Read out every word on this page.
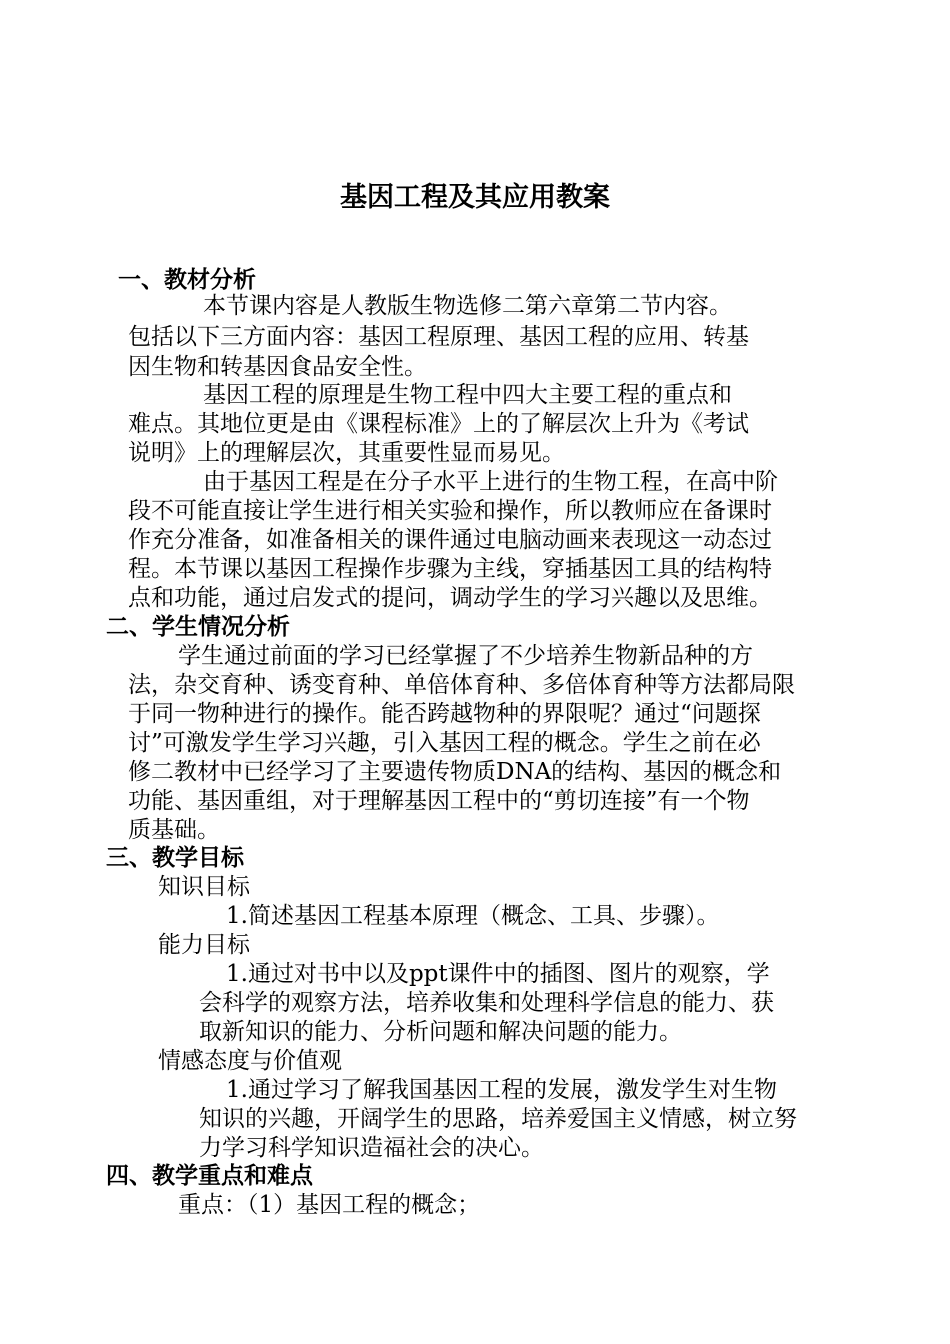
基因工程及其应用教案

一、教材分析

本节课内容是人教版生物选修二第六章第二节内容。

包括以下三方面内容：基因工程原理、基因工程的应用、转基

因生物和转基因食品安全性。

基因工程的原理是生物工程中四大主要工程的重点和

难点。其地位更是由《课程标准》上的了解层次上升为《考试

说明》上的理解层次，其重要性显而易见。

由于基因工程是在分子水平上进行的生物工程，在高中阶

段不可能直接让学生进行相关实验和操作，所以教师应在备课时

作充分准备，如准备相关的课件通过电脑动画来表现这一动态过

程。本节课以基因工程操作步骤为主线，穿插基因工具的结构特

点和功能，通过启发式的提问，调动学生的学习兴趣以及思维。

二、学生情况分析

学生通过前面的学习已经掌握了不少培养生物新品种的方

法，杂交育种、诱变育种、单倍体育种、多倍体育种等方法都局限

于同一物种进行的操作。能否跨越物种的界限呢？通过“问题探

讨”可激发学生学习兴趣，引入基因工程的概念。学生之前在必

修二教材中已经学习了主要遗传物质DNA的结构、基因的概念和

功能、基因重组，对于理解基因工程中的“剪切连接”有一个物

质基础。

三、教学目标

知识目标

1.简述基因工程基本原理（概念、工具、步骤）。

能力目标

1.通过对书中以及ppt课件中的插图、图片的观察，学

会科学的观察方法，培养收集和处理科学信息的能力、获

取新知识的能力、分析问题和解决问题的能力。

情感态度与价值观

1.通过学习了解我国基因工程的发展，激发学生对生物

知识的兴趣，开阔学生的思路，培养爱国主义情感，树立努

力学习科学知识造福社会的决心。

四、教学重点和难点

重点：（1）基因工程的概念；
